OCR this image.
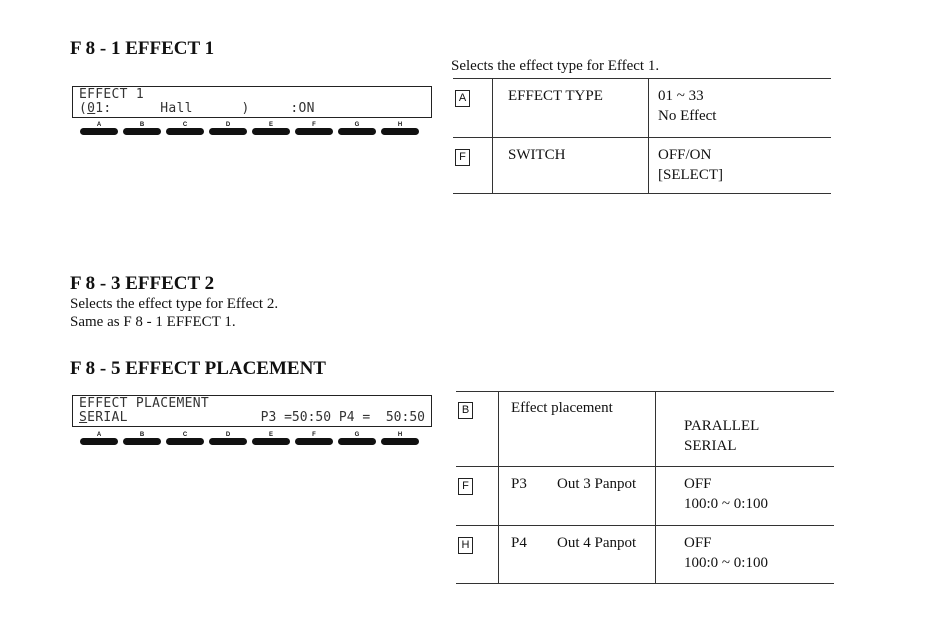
F 8 - 1 EFFECT 1
EFFECT 1
(01:      Hall      )     :ON
A	B	C	D	E	F	G	H
Selects the effect type for Effect 1.
A	EFFECT TYPE	01 ~ 33
No Effect
F	SWITCH	OFF/ON
[SELECT]
F 8 - 3 EFFECT 2
Selects the effect type for Effect 2.
Same as F 8 - 1 EFFECT 1.
F 8 - 5 EFFECT PLACEMENT
EFFECT PLACEMENT
SERIAL	P3 =50:50 P4 =  50:50
A	B	C	D	E	F	G	H
B	Effect placement
PARALLEL
SERIAL
F	P3 Out 3 Panpot	OFF
100:0 ~ 0:100
H	P4 Out 4 Panpot	OFF
100:0 ~ 0:100
